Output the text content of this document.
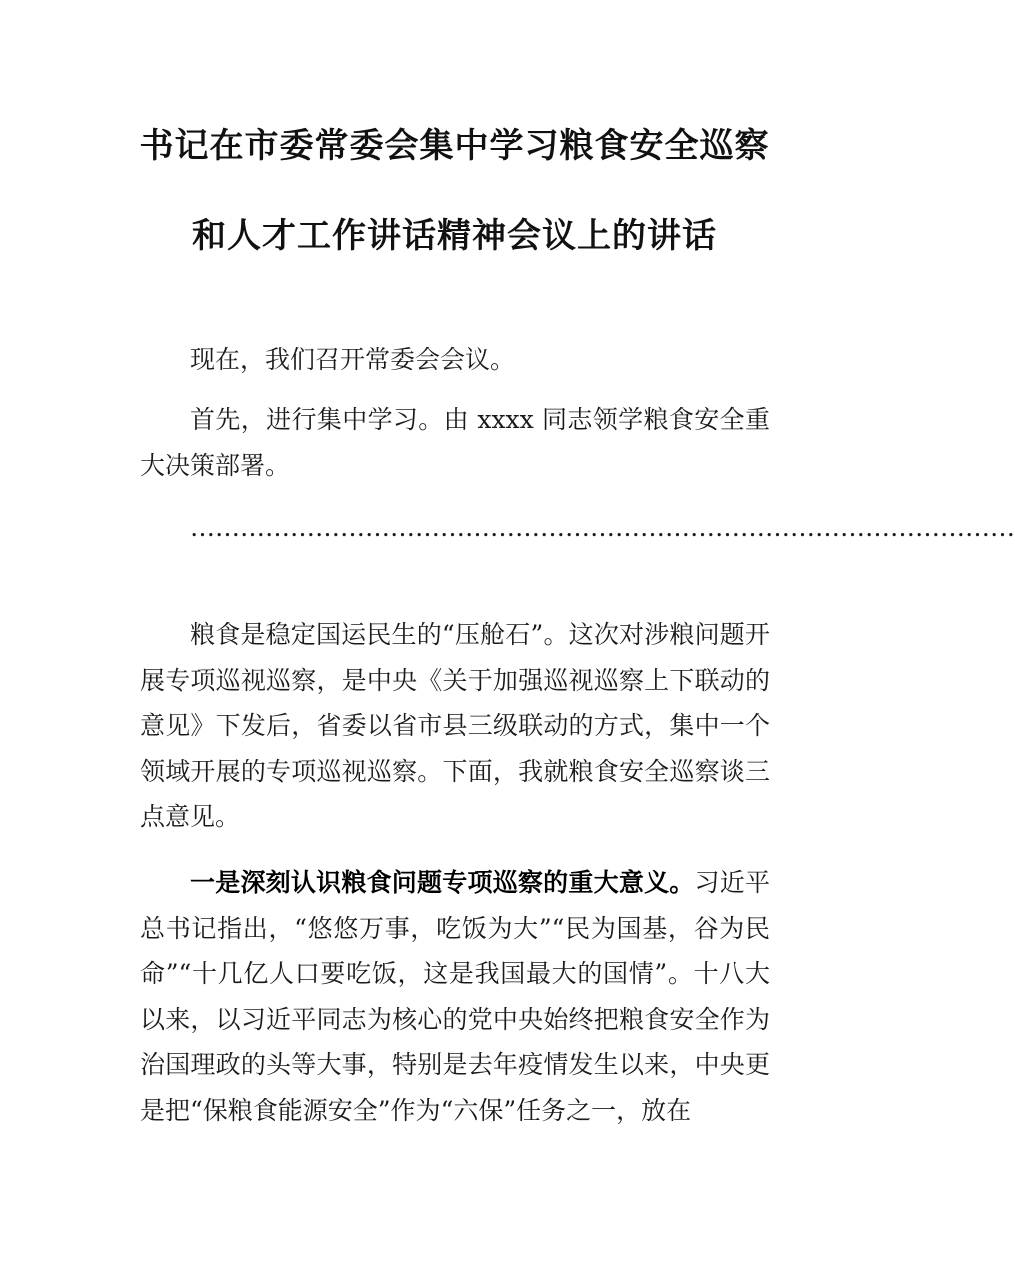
书记在市委常委会集中学习粮食安全巡察
和人才工作讲话精神会议上的讲话

现在，我们召开常委会会议。

首先，进行集中学习。由 xxxx 同志领学粮食安全重大决策部署。

………………………………………………………………………………………

粮食是稳定国运民生的“压舱石”。这次对涉粮问题开展专项巡视巡察，是中央《关于加强巡视巡察上下联动的意见》下发后，省委以省市县三级联动的方式，集中一个领域开展的专项巡视巡察。下面，我就粮食安全巡察谈三点意见。

一是深刻认识粮食问题专项巡察的重大意义。习近平总书记指出，“悠悠万事，吃饭为大”“民为国基，谷为民命”“十几亿人口要吃饭，这是我国最大的国情”。十八大以来，以习近平同志为核心的党中央始终把粮食安全作为治国理政的头等大事，特别是去年疫情发生以来，中央更是把“保粮食能源安全”作为“六保”任务之一，放在
